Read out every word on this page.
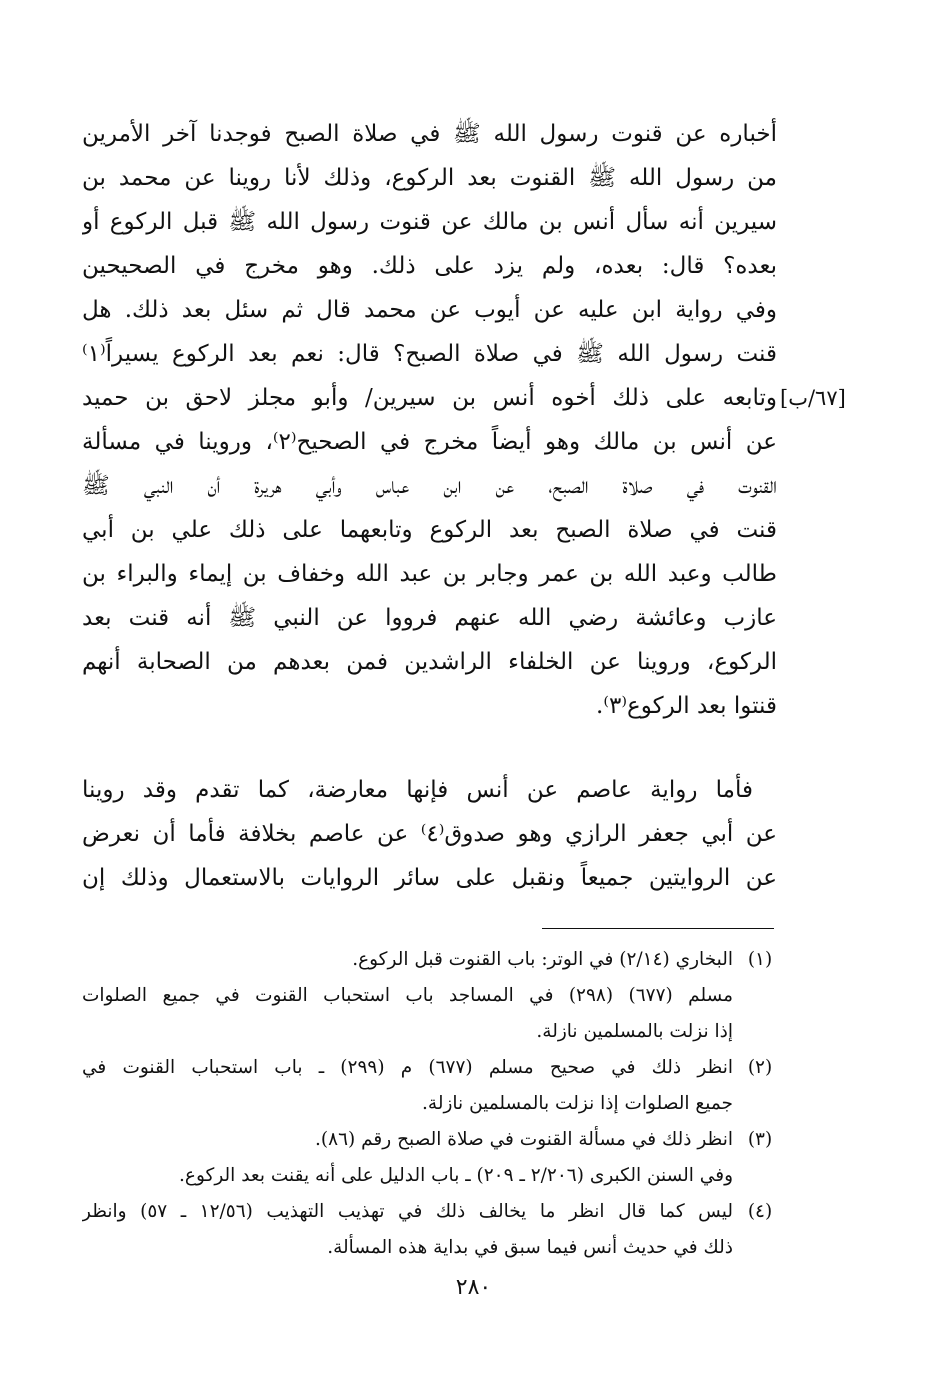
أخباره عن قنوت رسول الله ﷺ في صلاة الصبح فوجدنا آخر الأمرين
من رسول الله ﷺ القنوت بعد الركوع، وذلك لأنا روينا عن محمد بن
سيرين أنه سأل أنس بن مالك عن قنوت رسول الله ﷺ قبل الركوع أو
بعده؟ قال: بعده، ولم يزد على ذلك. وهو مخرج في الصحيحين
وفي رواية ابن عليه عن أيوب عن محمد قال ثم سئل بعد ذلك. هل
قنت رسول الله ﷺ في صلاة الصبح؟ قال: نعم بعد الركوع يسيراً⁽١⁾
وتابعه على ذلك أخوه أنس بن سيرين/ وأبو مجلز لاحق بن حميد
عن أنس بن مالك وهو أيضاً مخرج في الصحيح⁽٢⁾، وروينا في مسألة
القنوت في صلاة الصبح، عن ابن عباس وأبي هريرة أن النبي ﷺ
قنت في صلاة الصبح بعد الركوع وتابعهما على ذلك علي بن أبي
طالب وعبد الله بن عمر وجابر بن عبد الله وخفاف بن إيماء والبراء بن
عازب وعائشة رضي الله عنهم فرووا عن النبي ﷺ أنه قنت بعد
الركوع، وروينا عن الخلفاء الراشدين فمن بعدهم من الصحابة أنهم
قنتوا بعد الركوع⁽٣⁾.
[٦٧/ب]
فأما رواية عاصم عن أنس فإنها معارضة، كما تقدم وقد روينا
عن أبي جعفر الرازي وهو صدوق⁽٤⁾ عن عاصم بخلافة فأما أن نعرض
عن الروايتين جميعاً ونقبل على سائر الروايات بالاستعمال وذلك إن
(١)
البخاري (٢/١٤) في الوتر: باب القنوت قبل الركوع.
مسلم (٦٧٧) (٢٩٨) في المساجد باب استحباب القنوت في جميع الصلوات
إذا نزلت بالمسلمين نازلة.
(٢)
انظر ذلك في صحيح مسلم (٦٧٧) م (٢٩٩) ـ باب استحباب القنوت في
جميع الصلوات إذا نزلت بالمسلمين نازلة.
(٣)
انظر ذلك في مسألة القنوت في صلاة الصبح رقم (٨٦).
وفي السنن الكبرى (٢/٢٠٦ ـ ٢٠٩) ـ باب الدليل على أنه يقنت بعد الركوع.
(٤)
ليس كما قال انظر ما يخالف ذلك في تهذيب التهذيب (١٢/٥٦ ـ ٥٧) وانظر
ذلك في حديث أنس فيما سبق في بداية هذه المسألة.
٢٨٠
